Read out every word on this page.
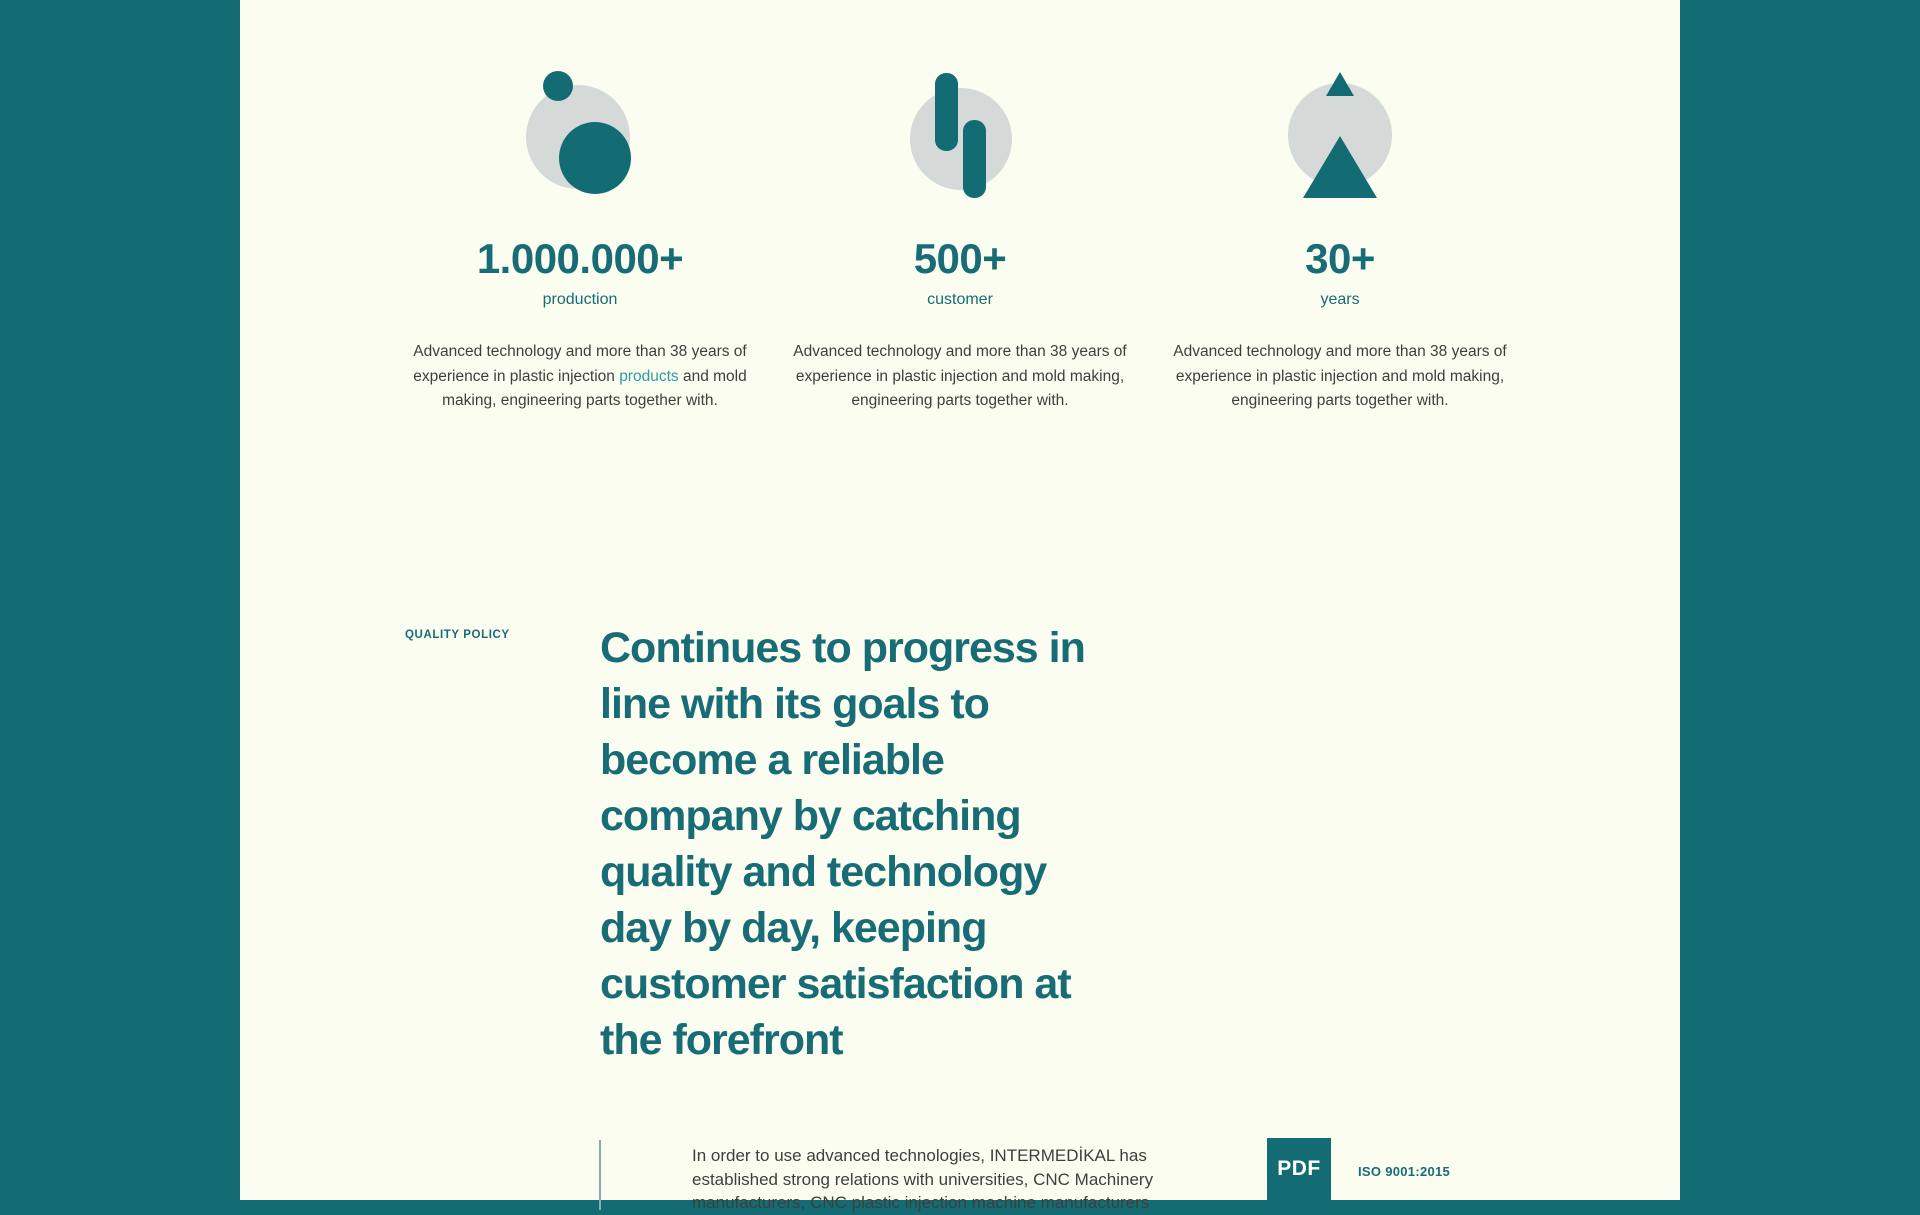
1.000.000+
production
Advanced technology and more than 38 years of experience in plastic injection products and mold making, engineering parts together with.
500+
customer
Advanced technology and more than 38 years of experience in plastic injection and mold making, engineering parts together with.
30+
years
Advanced technology and more than 38 years of experience in plastic injection and mold making, engineering parts together with.
QUALITY POLICY Continues to progress in
line with its goals to
become a reliable
company by catching
quality and technology
day by day, keeping
customer satisfaction at
the forefront
In order to use advanced technologies, INTERMEDİKAL has
established strong relations with universities, CNC Machinery
manufacturers, CNC plastic injection machine manufacturers
PDF	ISO 9001:2015
